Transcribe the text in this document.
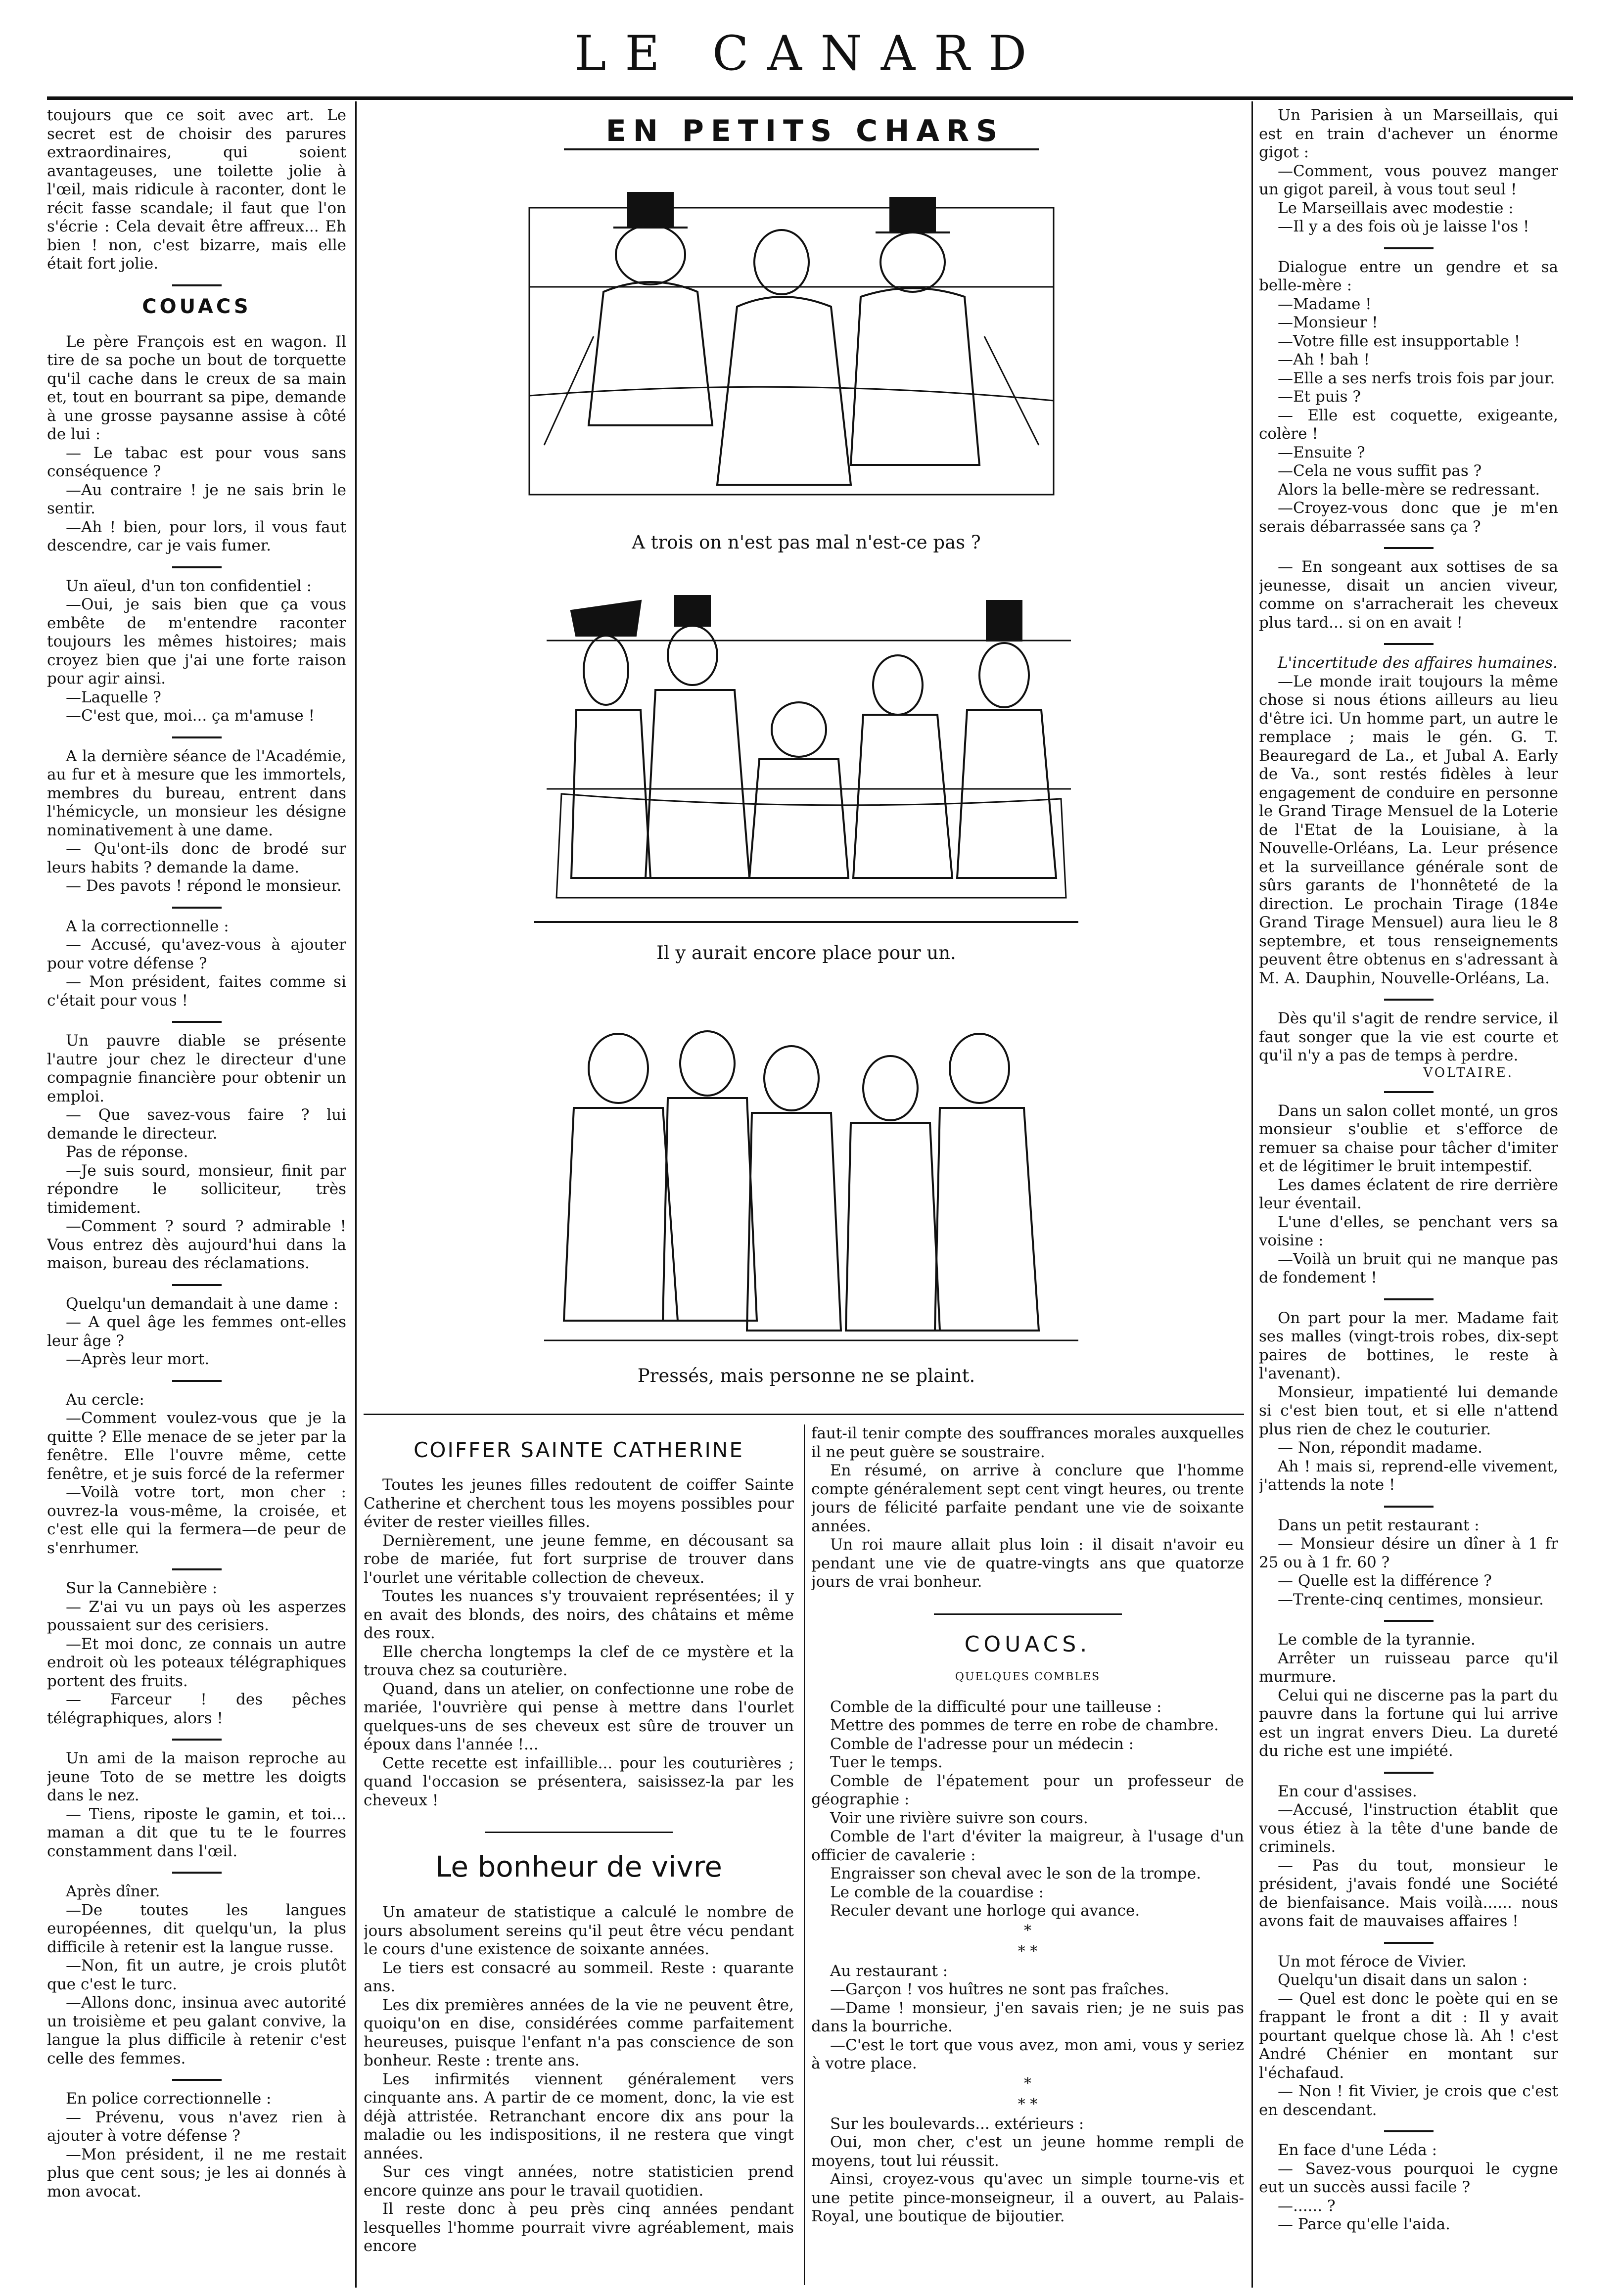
LE CANARD

toujours que ce soit avec art. Le secret est de choisir des parures extraordinaires, qui soient avantageuses, une toilette jolie à l'œil, mais ridicule à raconter, dont le récit fasse scandale; il faut que l'on s'écrie : Cela devait être affreux... Eh bien ! non, c'est bizarre, mais elle était fort jolie.

COUACS

Le père François est en wagon. Il tire de sa poche un bout de torquette qu'il cache dans le creux de sa main et, tout en bourrant sa pipe, demande à une grosse paysanne assise à côté de lui :

— Le tabac est pour vous sans conséquence ?

—Au contraire ! je ne sais brin le sentir.

—Ah ! bien, pour lors, il vous faut descendre, car je vais fumer.

Un aïeul, d'un ton confidentiel :

—Oui, je sais bien que ça vous embête de m'entendre raconter toujours les mêmes histoires; mais croyez bien que j'ai une forte raison pour agir ainsi.

—Laquelle ?

—C'est que, moi... ça m'amuse !

A la dernière séance de l'Académie, au fur et à mesure que les immortels, membres du bureau, entrent dans l'hémicycle, un monsieur les désigne nominativement à une dame.

— Qu'ont-ils donc de brodé sur leurs habits ? demande la dame.

— Des pavots ! répond le monsieur.

A la correctionnelle :

— Accusé, qu'avez-vous à ajouter pour votre défense ?

— Mon président, faites comme si c'était pour vous !

Un pauvre diable se présente l'autre jour chez le directeur d'une compagnie financière pour obtenir un emploi.

— Que savez-vous faire ? lui demande le directeur.

Pas de réponse.

—Je suis sourd, monsieur, finit par répondre le solliciteur, très timidement.

—Comment ? sourd ? admirable ! Vous entrez dès aujourd'hui dans la maison, bureau des réclamations.

Quelqu'un demandait à une dame :

— A quel âge les femmes ont-elles leur âge ?

—Après leur mort.

Au cercle:

—Comment voulez-vous que je la quitte ? Elle menace de se jeter par la fenêtre. Elle l'ouvre même, cette fenêtre, et je suis forcé de la refermer

—Voilà votre tort, mon cher : ouvrez-la vous-même, la croisée, et c'est elle qui la fermera—de peur de s'enrhumer.

Sur la Cannebière :

— Z'ai vu un pays où les asperzes poussaient sur des cerisiers.

—Et moi donc, ze connais un autre endroit où les poteaux télégraphiques portent des fruits.

— Farceur ! des pêches télégraphiques, alors !

Un ami de la maison reproche au jeune Toto de se mettre les doigts dans le nez.

— Tiens, riposte le gamin, et toi... maman a dit que tu te le fourres constamment dans l'œil.

Après dîner.

—De toutes les langues européennes, dit quelqu'un, la plus difficile à retenir est la langue russe.

—Non, fit un autre, je crois plutôt que c'est le turc.

—Allons donc, insinua avec autorité un troisième et peu galant convive, la langue la plus difficile à retenir c'est celle des femmes.

En police correctionnelle :

— Prévenu, vous n'avez rien à ajouter à votre défense ?

—Mon président, il ne me restait plus que cent sous; je les ai donnés à mon avocat.

EN PETITS CHARS
A trois on n'est pas mal n'est-ce pas ?
Il y aurait encore place pour un.
Pressés, mais personne ne se plaint.
COIFFER SAINTE CATHERINE

Toutes les jeunes filles redoutent de coiffer Sainte Catherine et cherchent tous les moyens possibles pour éviter de rester vieilles filles.

Dernièrement, une jeune femme, en décousant sa robe de mariée, fut fort surprise de trouver dans l'ourlet une véritable collection de cheveux.

Toutes les nuances s'y trouvaient représentées; il y en avait des blonds, des noirs, des châtains et même des roux.

Elle chercha longtemps la clef de ce mystère et la trouva chez sa couturière.

Quand, dans un atelier, on confectionne une robe de mariée, l'ouvrière qui pense à mettre dans l'ourlet quelques-uns de ses cheveux est sûre de trouver un époux dans l'année !...

Cette recette est infaillible... pour les couturières ; quand l'occasion se présentera, saisissez-la par les cheveux !

Le bonheur de vivre

Un amateur de statistique a calculé le nombre de jours absolument sereins qu'il peut être vécu pendant le cours d'une existence de soixante années.

Le tiers est consacré au sommeil. Reste : quarante ans.

Les dix premières années de la vie ne peuvent être, quoiqu'on en dise, considérées comme parfaitement heureuses, puisque l'enfant n'a pas conscience de son bonheur. Reste : trente ans.

Les infirmités viennent généralement vers cinquante ans. A partir de ce moment, donc, la vie est déjà attristée. Retranchant encore dix ans pour la maladie ou les indispositions, il ne restera que vingt années.

Sur ces vingt années, notre statisticien prend encore quinze ans pour le travail quotidien.

Il reste donc à peu près cinq années pendant lesquelles l'homme pourrait vivre agréablement, mais encore

faut-il tenir compte des souffrances morales auxquelles il ne peut guère se soustraire.

En résumé, on arrive à conclure que l'homme compte généralement sept cent vingt heures, ou trente jours de félicité parfaite pendant une vie de soixante années.

Un roi maure allait plus loin : il disait n'avoir eu pendant une vie de quatre-vingts ans que quatorze jours de vrai bonheur.

COUACS.
QUELQUES COMBLES

Comble de la difficulté pour une tailleuse :

Mettre des pommes de terre en robe de chambre.

Comble de l'adresse pour un médecin :

Tuer le temps.

Comble de l'épatement pour un professeur de géographie :

Voir une rivière suivre son cours.

Comble de l'art d'éviter la maigreur, à l'usage d'un officier de cavalerie :

Engraisser son cheval avec le son de la trompe.

Le comble de la couardise :

Reculer devant une horloge qui avance.

*
* *

Au restaurant :

—Garçon ! vos huîtres ne sont pas fraîches.

—Dame ! monsieur, j'en savais rien; je ne suis pas dans la bourriche.

—C'est le tort que vous avez, mon ami, vous y seriez à votre place.

*
* *

Sur les boulevards... extérieurs :

Oui, mon cher, c'est un jeune homme rempli de moyens, tout lui réussit.

Ainsi, croyez-vous qu'avec un simple tourne-vis et une petite pince-monseigneur, il a ouvert, au Palais-Royal, une boutique de bijoutier.

Un Parisien à un Marseillais, qui est en train d'achever un énorme gigot :

—Comment, vous pouvez manger un gigot pareil, à vous tout seul !

Le Marseillais avec modestie :

—Il y a des fois où je laisse l'os !

Dialogue entre un gendre et sa belle-mère :

—Madame !

—Monsieur !

—Votre fille est insupportable !

—Ah ! bah !

—Elle a ses nerfs trois fois par jour.

—Et puis ?

— Elle est coquette, exigeante, colère !

—Ensuite ?

—Cela ne vous suffit pas ?

Alors la belle-mère se redressant.

—Croyez-vous donc que je m'en serais débarrassée sans ça ?

— En songeant aux sottises de sa jeunesse, disait un ancien viveur, comme on s'arracherait les cheveux plus tard... si on en avait !

L'incertitude des affaires humaines.

—Le monde irait toujours la même chose si nous étions ailleurs au lieu d'être ici. Un homme part, un autre le remplace ; mais le gén. G. T. Beauregard de La., et Jubal A. Early de Va., sont restés fidèles à leur engagement de conduire en personne le Grand Tirage Mensuel de la Loterie de l'Etat de la Louisiane, à la Nouvelle-Orléans, La. Leur présence et la surveillance générale sont de sûrs garants de l'honnêteté de la direction. Le prochain Tirage (184e Grand Tirage Mensuel) aura lieu le 8 septembre, et tous renseignements peuvent être obtenus en s'adressant à M. A. Dauphin, Nouvelle-Orléans, La.

Dès qu'il s'agit de rendre service, il faut songer que la vie est courte et qu'il n'y a pas de temps à perdre.

VOLTAIRE.

Dans un salon collet monté, un gros monsieur s'oublie et s'efforce de remuer sa chaise pour tâcher d'imiter et de légitimer le bruit intempestif.

Les dames éclatent de rire derrière leur éventail.

L'une d'elles, se penchant vers sa voisine :

—Voilà un bruit qui ne manque pas de fondement !

On part pour la mer. Madame fait ses malles (vingt-trois robes, dix-sept paires de bottines, le reste à l'avenant).

Monsieur, impatienté lui demande si c'est bien tout, et si elle n'attend plus rien de chez le couturier.

— Non, répondit madame.

Ah ! mais si, reprend-elle vivement, j'attends la note !

Dans un petit restaurant :

— Monsieur désire un dîner à 1 fr 25 ou à 1 fr. 60 ?

— Quelle est la différence ?

—Trente-cinq centimes, monsieur.

Le comble de la tyrannie.

Arrêter un ruisseau parce qu'il murmure.

Celui qui ne discerne pas la part du pauvre dans la fortune qui lui arrive est un ingrat envers Dieu. La dureté du riche est une impiété.

En cour d'assises.

—Accusé, l'instruction établit que vous étiez à la tête d'une bande de criminels.

— Pas du tout, monsieur le président, j'avais fondé une Société de bienfaisance. Mais voilà...... nous avons fait de mauvaises affaires !

Un mot féroce de Vivier.

Quelqu'un disait dans un salon :

— Quel est donc le poète qui en se frappant le front a dit : Il y avait pourtant quelque chose là. Ah ! c'est André Chénier en montant sur l'échafaud.

— Non ! fit Vivier, je crois que c'est en descendant.

En face d'une Léda :

— Savez-vous pourquoi le cygne eut un succès aussi facile ?

—...... ?

— Parce qu'elle l'aida.
